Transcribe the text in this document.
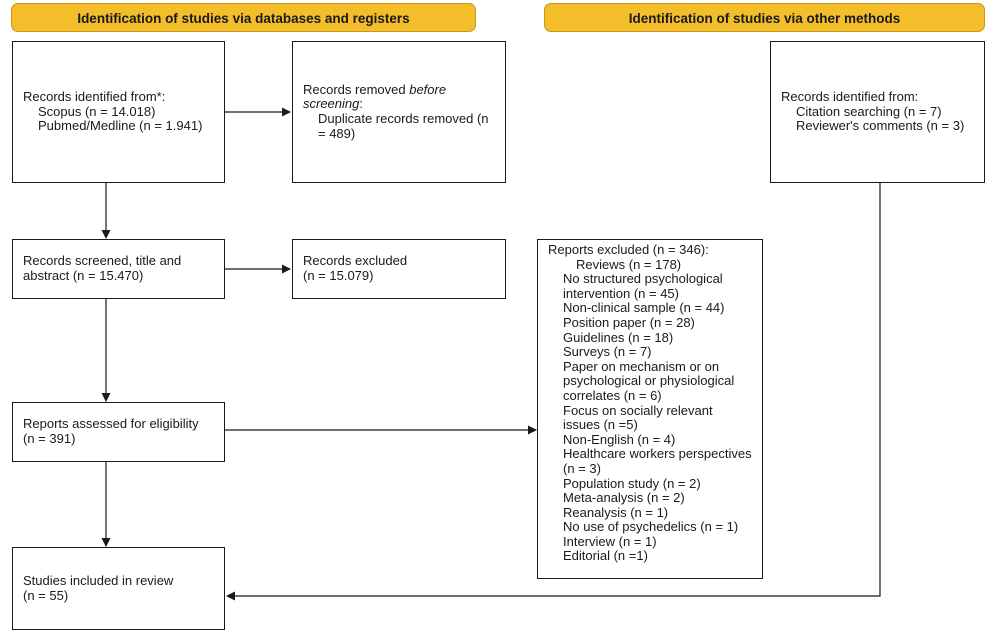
Identification of studies via databases and registers	Identification of studies via other methods
Records identified from*:
Scopus (n = 14.018)
Pubmed/Medline (n = 1.941)
Records removed before screening:
Duplicate records removed (n = 489)
Records identified from:
Citation searching (n = 7)
Reviewer's comments (n = 3)
Records screened, title and
abstract (n = 15.470)
Records excluded
(n = 15.079)
Reports excluded (n = 346):
Reviews (n = 178)
No structured psychological intervention (n = 45)
Non-clinical sample (n = 44)
Position paper (n = 28)
Guidelines (n = 18)
Surveys (n = 7)
Paper on mechanism or on psychological or physiological correlates (n = 6)
Focus on socially relevant issues (n =5)
Non-English (n = 4)
Healthcare workers perspectives (n = 3)
Population study (n = 2)
Meta-analysis (n = 2)
Reanalysis (n = 1)
No use of psychedelics (n = 1)
Interview (n = 1)
Editorial (n =1)
Reports assessed for eligibility
(n = 391)
Studies included in review
(n = 55)
